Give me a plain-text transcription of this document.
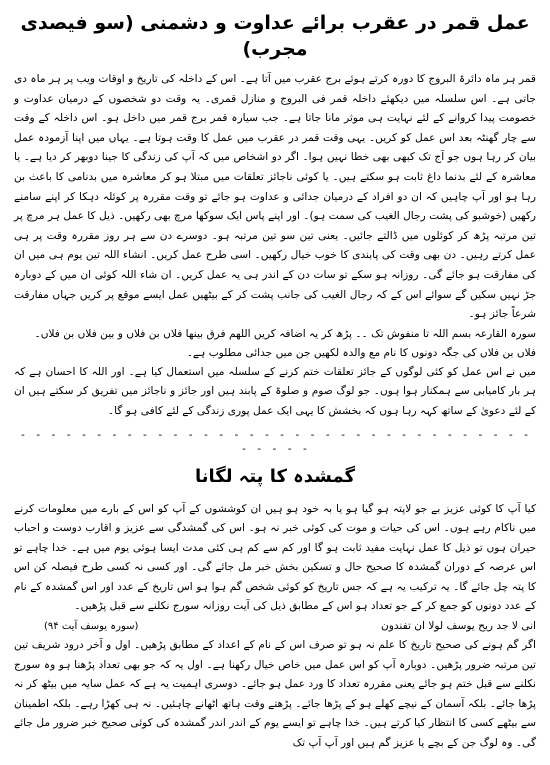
عمل قمر در عقرب برائے عداوت و دشمنی (سو فیصدی مجرب)

قمر ہر ماہ دائرۃ البروج کا دورہ کرتے ہوئے برج عقرب میں آتا ہے۔ اس کے داخلہ کی تاریخ و اوقات ویب پر ہر ماہ دی جاتی ہے۔ اس سلسلہ میں دیکھئے داخلہ قمر فی البروج و منازل قمری۔ یہ وقت دو شخصوں کے درمیان عداوت و خصومت پیدا کروانے کے لئے نہایت ہی موثر مانا جاتا ہے۔ جب سیارہ قمر برج قمر میں داخل ہو۔ اس داخلہ کے وقت سے چار گھنٹہ بعد اس عمل کو کریں۔ یہی وقت قمر در عقرب میں عمل کا وقت ہوتا ہے۔ یہاں میں اپنا آزمودہ عمل بیان کر رہا ہوں جو آج تک کبھی بھی خطا نہیں ہوا۔ اگر دو اشخاص میں کہ آپ کی زندگی کا جینا دوبھر کر دیا ہے۔ یا معاشرہ کے لئے بدنما داغ ثابت ہو سکتے ہیں۔ یا کوئی ناجائز تعلقات میں مبتلا ہو کر معاشرہ میں بدنامی کا باعث بن رہا ہو اور آپ چاہیں کہ ان دو افراد کے درمیان جدائی و عداوت ہو جائے تو وقت مقررہ پر کوئلہ دہکا کر اپنے سامنے رکھیں (خوشبو کی پشت رجال الغیب کی سمت ہو)۔ اور اپنے پاس ایک سوکھا مرچ بھی رکھیں۔ ذیل کا عمل ہر مرچ پر تین مرتبہ پڑھ کر کوئلوں میں ڈالتے جائیں۔ یعنی تین سو تین مرتبہ ہو۔ دوسرے دن سے ہر روز مقررہ وقت پر ہی عمل کرتے رہیں۔ دن بھی وقت کی پابندی کا خوب خیال رکھیں۔ اسی طرح عمل کریں۔ انشاء اللہ تین یوم ہی میں ان کی مفارقت ہو جائے گی۔ روزانہ ہو سکے تو سات دن کے اندر ہی یہ عمل کریں۔ ان شاء اللہ کوئی ان میں کے دوبارہ جڑ نہیں سکیں گے سوائے اس کے کہ رجال الغیب کی جانب پشت کر کے بیٹھیں عمل ایسے موقع پر کریں جہاں مفارقت شرعاً جائز ہو۔

سورہ القارعہ بسم اللہ تا منفوش تک ۔۔ پڑھ کر یہ اضافہ کریں اللھم فرق بینھا فلاں بن فلاں و بین فلاں بن فلاں۔

فلاں بن فلاں کی جگہ دونوں کا نام مع والدہ لکھیں جن میں جدائی مطلوب ہے۔

میں نے اس عمل کو کئی لوگوں کے جائز تعلقات ختم کرنے کے سلسلہ میں استعمال کیا ہے۔ اور اللہ کا احسان ہے کہ ہر بار کامیابی سے ہمکنار ہوا ہوں۔ جو لوگ صوم و صلوۃ کے پابند ہیں اور جائز و ناجائز میں تفریق کر سکتے ہیں ان کے لئے دعویٰ کے ساتھ کہہ رہا ہوں کہ بخشش کا یہی ایک عمل پوری زندگی کے لئے کافی ہو گا۔

- - - - - - - - - - - - - - - - - - - - - - - - - - - - - - - - - - - - - - -
گمشدہ کا پتہ لگانا

کیا آپ کا کوئی عزیز بے جو لاپتہ ہو گیا ہو یا بہ خود ہو ہیں ان کوششوں کے آپ کو اس کے بارے میں معلومات کرنے میں ناکام رہے ہوں۔ اس کی حیات و موت کی کوئی خبر نہ ہو۔ اس کی گمشدگی سے عزیز و اقارب دوست و احباب حیران ہوں تو ذیل کا عمل نہایت مفید ثابت ہو گا اور کم سے کم ہی کئی مدت ایسا ہوئی یوم میں ہے۔ خدا چاہے تو اس عرصہ کے دوران گمشدہ کا صحیح حال و تسکین بخش خبر مل جائے گی۔ اور کسی نہ کسی طرح فیصلہ کن اس کا پتہ چل جائے گا۔ یہ ترکیب یہ ہے کہ جس تاریخ کو کوئی شخص گم ہوا ہو اس تاریخ کے عدد اور اس گمشدہ کے نام کے عدد دونوں کو جمع کر کے جو تعداد ہو اس کے مطابق ذیل کی آیت روزانہ سورج نکلنے سے قبل پڑھیں۔

انی لا جد ریح یوسف لولا ان تفندون
(سورہ یوسف آیت ۹۴)

اگر گم ہونے کی صحیح تاریخ کا علم نہ ہو تو صرف اس کے نام کے اعداد کے مطابق پڑھیں۔ اول و آخر درود شریف تین تین مرتبہ ضرور پڑھیں۔ دوبارہ آپ کو اس عمل میں خاص خیال رکھنا ہے۔ اول یہ کہ جو بھی تعداد پڑھنا ہو وہ سورج نکلنے سے قبل ختم ہو جائے یعنی مقررہ تعداد کا ورد عمل ہو جائے۔ دوسری اہمیت یہ ہے کہ عمل سایہ میں بیٹھ کر نہ پڑھا جائے۔ بلکہ آسمان کے نیچے کھلے ہو کے پڑھا جائے۔ پڑھتے وقت ہاتھ اٹھانے چاہئیں۔ نہ ہی کھڑا رہے۔ بلکہ اطمینان سے بیٹھے کسی کا انتظار کیا کرتے ہیں۔ خدا چاہے تو ایسے یوم کے اندر اندر گمشدہ کی کوئی صحیح خبر ضرور مل جائے گی۔ وہ لوگ جن کے بچے یا عزیز گم ہیں اور آپ آپ تک
